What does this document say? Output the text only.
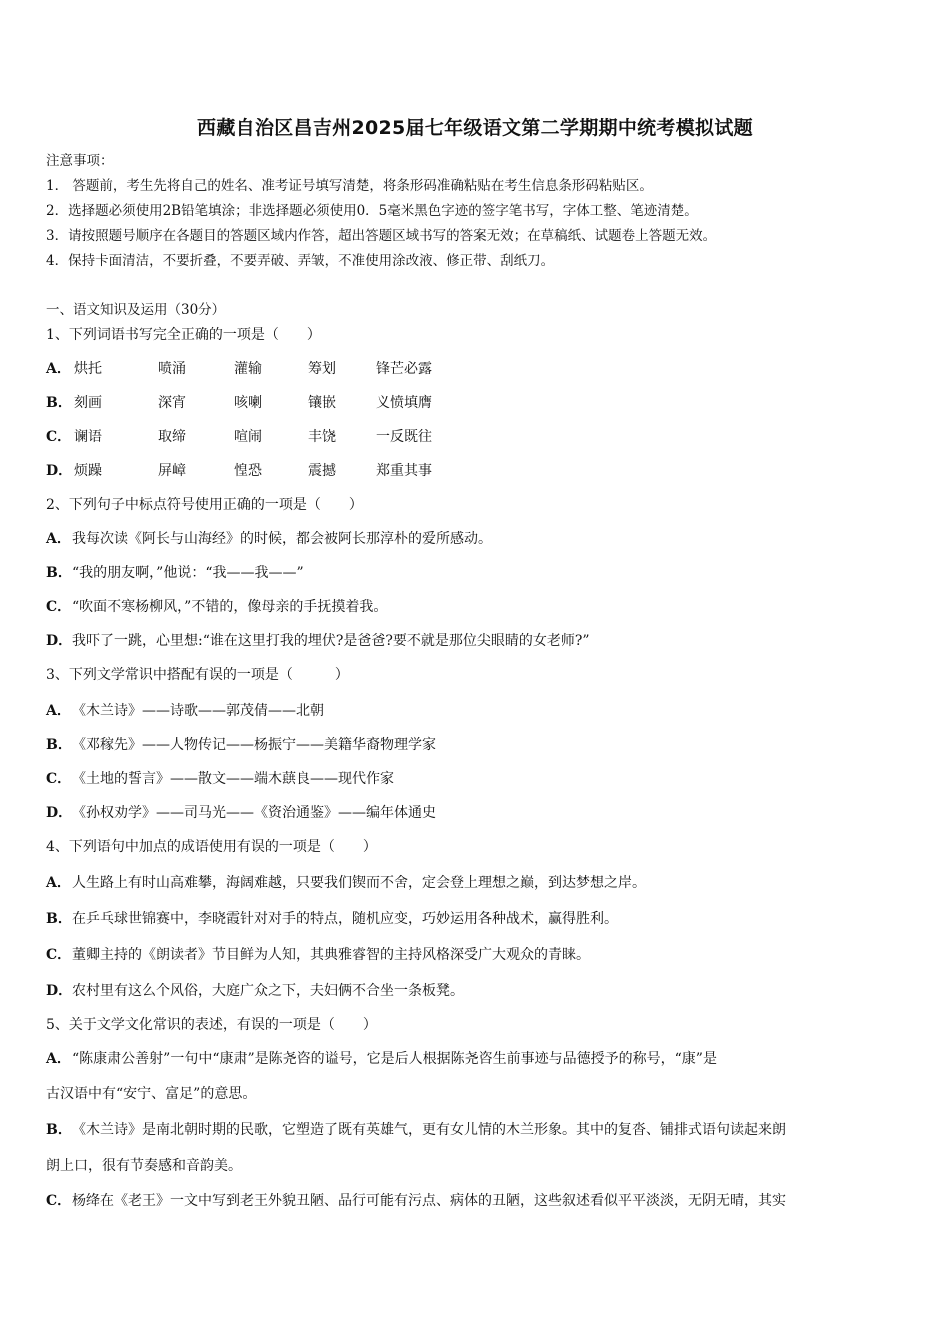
西藏自治区昌吉州2025届七年级语文第二学期期中统考模拟试题
注意事项：
1． 答题前，考生先将自己的姓名、准考证号填写清楚，将条形码准确粘贴在考生信息条形码粘贴区。
2．选择题必须使用2B铅笔填涂；非选择题必须使用0．5毫米黑色字迹的签字笔书写，字体工整、笔迹清楚。
3．请按照题号顺序在各题目的答题区域内作答，超出答题区域书写的答案无效；在草稿纸、试题卷上答题无效。
4．保持卡面清洁，不要折叠，不要弄破、弄皱，不准使用涂改液、修正带、刮纸刀。
一、语文知识及运用（30分）
1、下列词语书写完全正确的一项是（　　）
A． 烘托	喷涌	灌输	筹划	锋芒必露
B． 刻画	深宵	咳喇	镶嵌	义愤填膺
C． 谰语	取缔	喧闹	丰饶	一反既往
D． 烦躁	屏嶂	惶恐	震撼	郑重其事
2、下列句子中标点符号使用正确的一项是（　　）
A．我每次读《阿长与山海经》的时候，都会被阿长那淳朴的爱所感动。
B．“我的朋友啊，”他说：“我——我——”
C．“吹面不寒杨柳风，”不错的，像母亲的手抚摸着我。
D．我吓了一跳，心里想:“谁在这里打我的埋伏?是爸爸?要不就是那位尖眼睛的女老师?”
3、下列文学常识中搭配有误的一项是（　　　）
A．《木兰诗》——诗歌——郭茂倩——北朝
B．《邓稼先》——人物传记——杨振宁——美籍华裔物理学家
C．《土地的誓言》——散文——端木蕻良——现代作家
D．《孙权劝学》——司马光——《资治通鉴》——编年体通史
4、下列语句中加点的成语使用有误的一项是（　　）
A．人生路上有时山高难攀，海阔难越，只要我们锲而不舍，定会登上理想之巅，到达梦想之岸。
B．在乒乓球世锦赛中，李晓霞针对对手的特点，随机应变，巧妙运用各种战术，赢得胜利。
C．董卿主持的《朗读者》节目鲜为人知，其典雅睿智的主持风格深受广大观众的青睐。
D．农村里有这么个风俗，大庭广众之下，夫妇俩不合坐一条板凳。
5、关于文学文化常识的表述，有误的一项是（　　）
A．“陈康肃公善射”一句中“康肃”是陈尧咨的谥号，它是后人根据陈尧咨生前事迹与品德授予的称号，“康”是
古汉语中有“安宁、富足”的意思。
B．《木兰诗》是南北朝时期的民歌，它塑造了既有英雄气，更有女儿情的木兰形象。其中的复沓、铺排式语句读起来朗
朗上口，很有节奏感和音韵美。
C．杨绛在《老王》一文中写到老王外貌丑陋、品行可能有污点、病体的丑陋，这些叙述看似平平淡淡，无阴无晴，其实
